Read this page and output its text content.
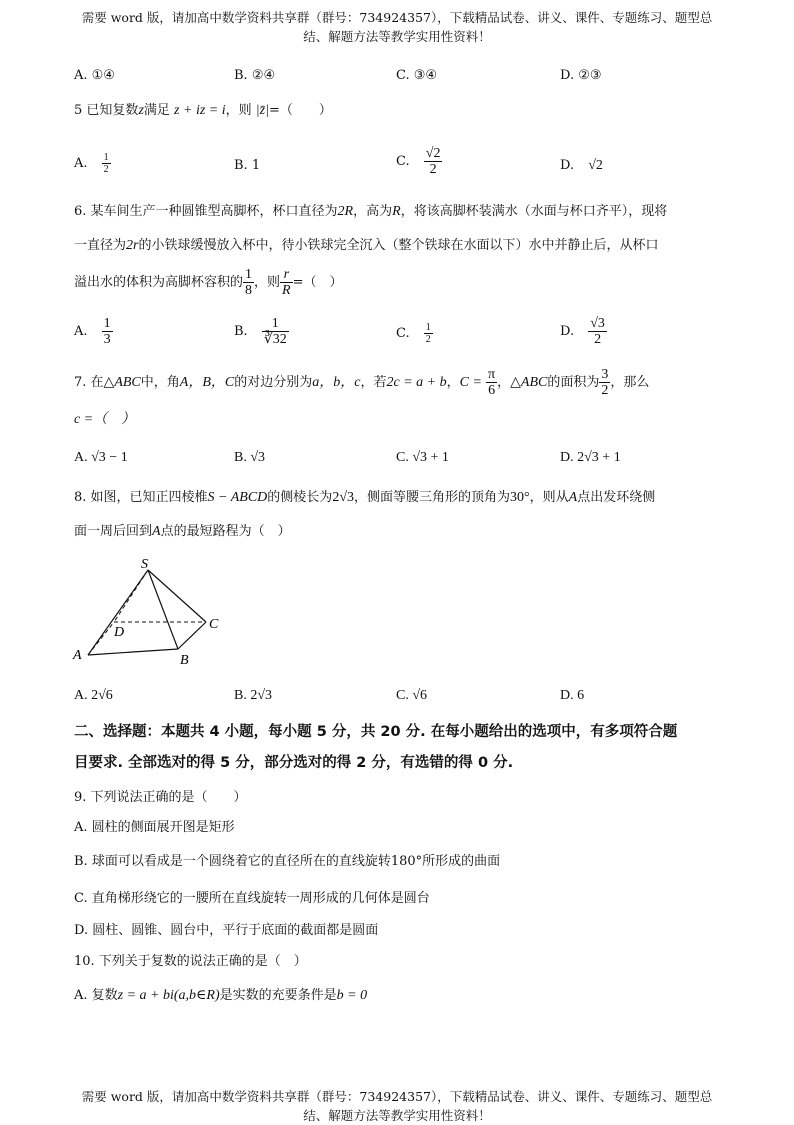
需要 word 版，请加高中数学资料共享群（群号：734924357），下载精品试卷、讲义、课件、专题练习、题型总
结、解题方法等教学实用性资料！
A. ①④	B. ②④	C. ③④	D. ②③
5 已知复数z满足 z + iz = i，则 |z̄|=（　　）
A. $\frac{1}{2}$	B. 1	C. $\frac{√2}{2}$	D. √2
6. 某车间生产一种圆锥型高脚杯，杯口直径为2R，高为R，将该高脚杯装满水（水面与杯口齐平），现将
一直径为2r的小铁球缓慢放入杯中，待小铁球完全沉入（整个铁球在水面以下）水中并静止后，从杯口
溢出水的体积为高脚杯容积的 $\frac{1}{8}$ ，则 $\frac{r}{R}$ =（　）
A. $\frac{1}{3}$	B. $\frac{1}{∛32}$	C. $\frac{1}{2}$	D. $\frac{√3}{2}$
7. 在△ABC中，角A，B，C的对边分别为a，b，c，若2c = a + b，$C = \frac{\pi}{6}$ ，△ABC的面积为 $\frac{3}{2}$ ，那么
c =（　）
A. √3 − 1	B. √3	C. √3 + 1	D. 2√3 + 1
8. 如图，已知正四棱椎S − ABCD的侧棱长为2√3，侧面等腰三角形的顶角为30°，则从A点出发环绕侧
面一周后回到A点的最短路程为（　）
S
A	B
C
D
A. 2√6	B. 2√3	C. √6	D. 6
二、选择题：本题共 4 小题，每小题 5 分，共 20 分. 在每小题给出的选项中，有多项符合题
目要求. 全部选对的得 5 分，部分选对的得 2 分，有选错的得 0 分.
9. 下列说法正确的是（　　）
A. 圆柱的侧面展开图是矩形
B. 球面可以看成是一个圆绕着它的直径所在的直线旋转180°所形成的曲面
C. 直角梯形绕它的一腰所在直线旋转一周形成的几何体是圆台
D. 圆柱、圆锥、圆台中，平行于底面的截面都是圆面
10. 下列关于复数的说法正确的是（　）
A. 复数z = a + bi(a,b∈R)是实数的充要条件是b = 0
需要 word 版，请加高中数学资料共享群（群号：734924357），下载精品试卷、讲义、课件、专题练习、题型总
结、解题方法等教学实用性资料！
